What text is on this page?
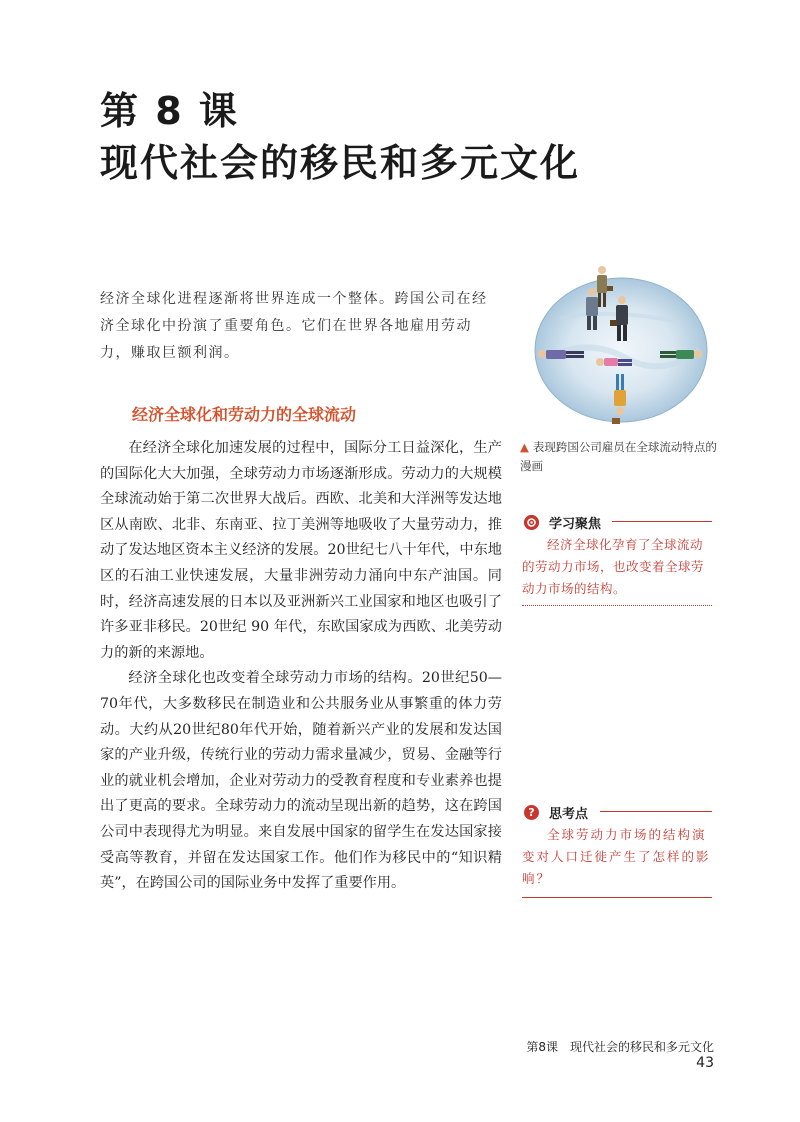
第 8 课
现代社会的移民和多元文化

经济全球化进程逐渐将世界连成一个整体。跨国公司在经济全球化中扮演了重要角色。它们在世界各地雇用劳动力，赚取巨额利润。

经济全球化和劳动力的全球流动

在经济全球化加速发展的过程中，国际分工日益深化，生产的国际化大大加强，全球劳动力市场逐渐形成。劳动力的大规模全球流动始于第二次世界大战后。西欧、北美和大洋洲等发达地区从南欧、北非、东南亚、拉丁美洲等地吸收了大量劳动力，推动了发达地区资本主义经济的发展。20世纪七八十年代，中东地区的石油工业快速发展，大量非洲劳动力涌向中东产油国。同时，经济高速发展的日本以及亚洲新兴工业国家和地区也吸引了许多亚非移民。20世纪 90 年代，东欧国家成为西欧、北美劳动力的新的来源地。

经济全球化也改变着全球劳动力市场的结构。20世纪50—70年代，大多数移民在制造业和公共服务业从事繁重的体力劳动。大约从20世纪80年代开始，随着新兴产业的发展和发达国家的产业升级，传统行业的劳动力需求量减少，贸易、金融等行业的就业机会增加，企业对劳动力的受教育程度和专业素养也提出了更高的要求。全球劳动力的流动呈现出新的趋势，这在跨国公司中表现得尤为明显。来自发展中国家的留学生在发达国家接受高等教育，并留在发达国家工作。他们作为移民中的“知识精英”，在跨国公司的国际业务中发挥了重要作用。

▲ 表现跨国公司雇员在全球流动特点的漫画
学习聚焦

经济全球化孕育了全球流动的劳动力市场，也改变着全球劳动力市场的结构。

?	思考点

全球劳动力市场的结构演变对人口迁徙产生了怎样的影响？

第8课　现代社会的移民和多元文化43
